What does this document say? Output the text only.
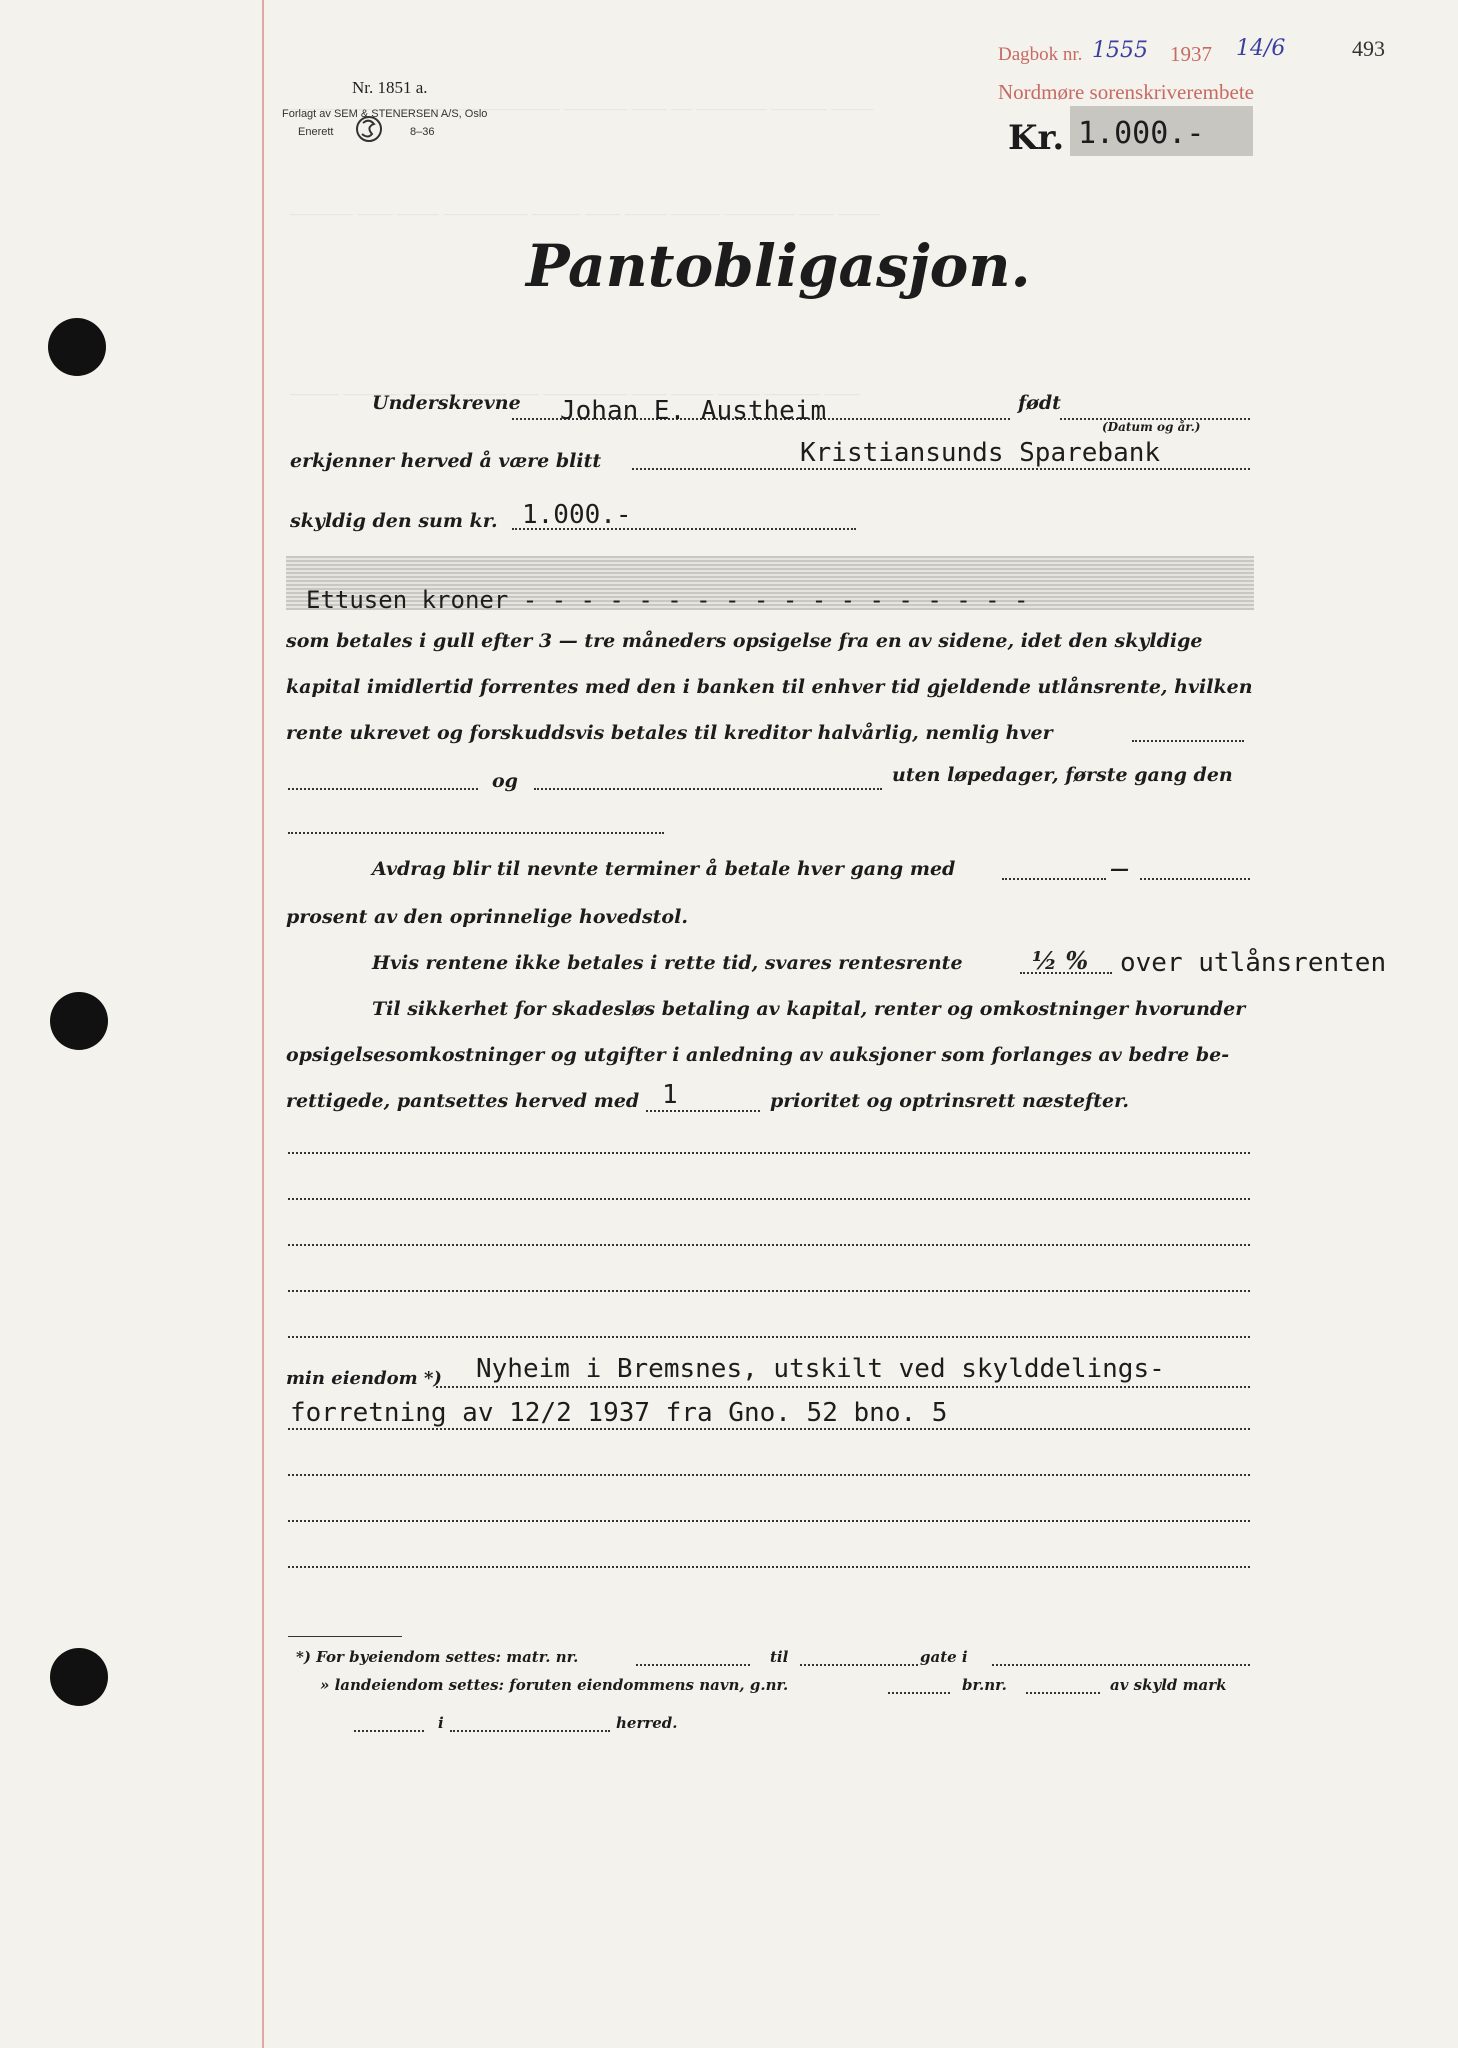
_______ ____ __________ ____ ___________ _________ _____ ___ __________ ________ ______
_________ _____ ______ ____________ _______ _____ ______ _______ __________ _____ ______
_______ ________ ________ ______ ____ ____________ _____ ______ ______ ________ _____
Nr. 1851 a.
Forlagt av SEM & STENERSEN A/S, Oslo
Enerett	8–36
Dagbok nr. 1555 1937 14/6
Nordmøre sorenskriverembete
493
Kr. 1.000.-
Pantobligasjon.
Underskrevne Johan E. Austheim	født
(Datum og år.)
erkjenner herved å være blitt	Kristiansunds Sparebank
skyldig den sum kr. 1.000.-
Ettusen kroner - - - - - - - - - - - - - - - - - -
som betales i gull efter 3 — tre måneders opsigelse fra en av sidene, idet den skyldige
kapital imidlertid forrentes med den i banken til enhver tid gjeldende utlånsrente, hvilken
rente ukrevet og forskuddsvis betales til kreditor halvårlig, nemlig hver
og	uten løpedager, første gang den
Avdrag blir til nevnte terminer å betale hver gang med	—
prosent av den oprinnelige hovedstol.
Hvis rentene ikke betales i rette tid, svares rentesrente	½ % over utlånsrenten
Til sikkerhet for skadesløs betaling av kapital, renter og omkostninger hvorunder
opsigelsesomkostninger og utgifter i anledning av auksjoner som forlanges av bedre be-
rettigede, pantsettes herved med 1	prioritet og optrinsrett næstefter.
min eiendom *) Nyheim i Bremsnes, utskilt ved skylddelings-
forretning av 12/2 1937 fra Gno. 52 bno. 5
*) For byeiendom settes: matr. nr.	til	gate i
» landeiendom settes: foruten eiendommens navn, g.nr.	br.nr.	av skyld mark
i	herred.
